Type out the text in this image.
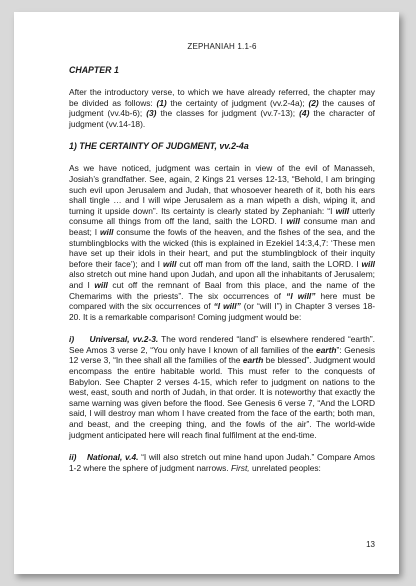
ZEPHANIAH 1.1-6
CHAPTER 1

After the introductory verse, to which we have already referred, the chapter may be divided as follows: (1) the certainty of judgment (vv.2-4a); (2) the causes of judgment (vv.4b-6); (3) the classes for judgment (vv.7-13); (4) the character of judgment (vv.14-18).

1) THE CERTAINTY OF JUDGMENT, vv.2-4a

As we have noticed, judgment was certain in view of the evil of Manasseh, Josiah’s grandfather. See, again, 2 Kings 21 verses 12-13, “Behold, I am bringing such evil upon Jerusalem and Judah, that whosoever heareth of it, both his ears shall tingle … and I will wipe Jerusalem as a man wipeth a dish, wiping it, and turning it upside down”. Its certainty is clearly stated by Zephaniah: “I will utterly consume all things from off the land, saith the LORD. I will consume man and beast; I will consume the fowls of the heaven, and the fishes of the sea, and the stumblingblocks with the wicked (this is explained in Ezekiel 14:3,4,7: ‘These men have set up their idols in their heart, and put the stumblingblock of their inquity before their face’); and I will cut off man from off the land, saith the LORD. I will also stretch out mine hand upon Judah, and upon all the inhabitants of Jerusalem; and I will cut off the remnant of Baal from this place, and the name of the Chemarims with the priests”. The six occurrences of “I will” here must be compared with the six occurrences of “I will” (or “will I”) in Chapter 3 verses 18-20. It is a remarkable comparison! Coming judgment would be:

i) Universal, vv.2-3. The word rendered “land” is elsewhere rendered “earth”. See Amos 3 verse 2, “You only have I known of all families of the earth”: Genesis 12 verse 3, “In thee shall all the families of the earth be blessed”. Judgment would encompass the entire habitable world. This must refer to the conquests of Babylon. See Chapter 2 verses 4-15, which refer to judgment on nations to the west, east, south and north of Judah, in that order. It is noteworthy that exactly the same warning was given before the flood. See Genesis 6 verse 7, “And the LORD said, I will destroy man whom I have created from the face of the earth; both man, and beast, and the creeping thing, and the fowls of the air”. The world-wide judgment anticipated here will reach final fulfilment at the end-time.

ii) National, v.4. “I will also stretch out mine hand upon Judah.” Compare Amos 1-2 where the sphere of judgment narrows. First, unrelated peoples:

13
